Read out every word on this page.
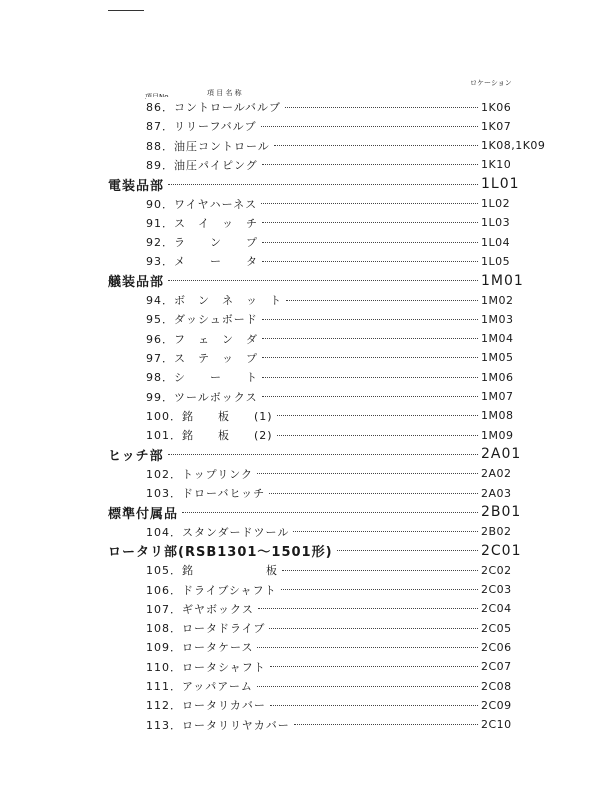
項 目 名 称
ロケーション
86．コントロールバルブ	1K06
87．リリーフバルブ	1K07
88．油圧コントロール	1K08,1K09
89．油圧パイピング	1K10
電装品部	1L01
90．ワイヤハーネス	1L02
91．ス　イ　ッ　チ	1L03
92．ラ　　ン　　プ	1L04
93．メ　　ー　　タ	1L05
艤装品部	1M01
94．ボ　ン　ネ　ッ　ト	1M02
95．ダッシュボード	1M03
96．フ　ェ　ン　ダ	1M04
97．ス　テ　ッ　プ	1M05
98．シ　　ー　　ト	1M06
99．ツールボックス	1M07
100．銘　　板　　(1)	1M08
101．銘　　板　　(2)	1M09
ヒッチ部	2A01
102．トップリンク	2A02
103．ドローバヒッチ	2A03
標準付属品	2B01
104．スタンダードツール	2B02
ロータリ部(RSB1301～1501形)	2C01
105．銘　　　　　　板	2C02
106．ドライブシャフト	2C03
107．ギヤボックス	2C04
108．ロータドライブ	2C05
109．ロータケース	2C06
110．ロータシャフト	2C07
111．アッパアーム	2C08
112．ロータリカバー	2C09
113．ロータリリヤカバー	2C10
